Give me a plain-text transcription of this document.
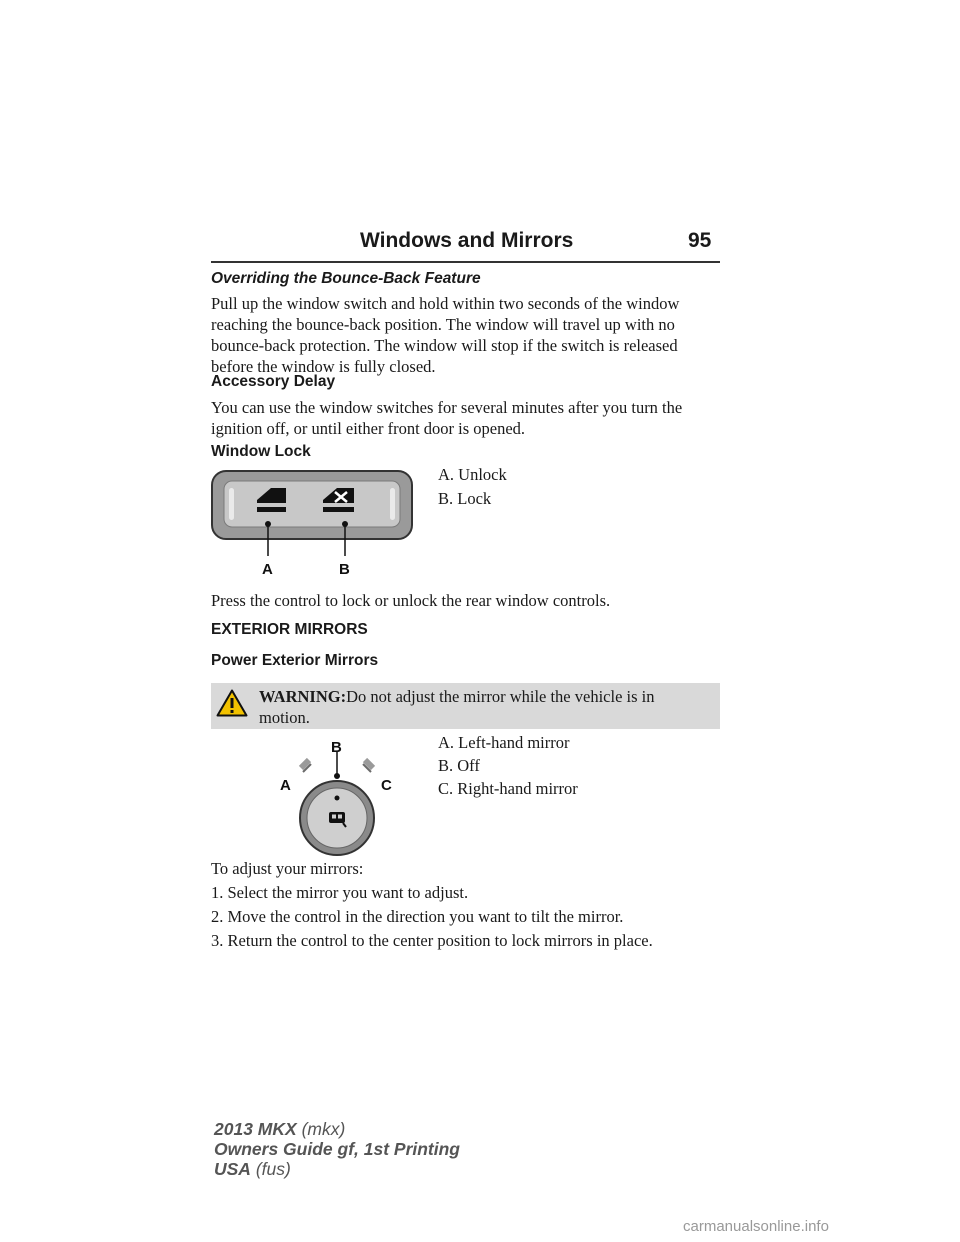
Windows and Mirrors	95
Overriding the Bounce-Back Feature
Pull up the window switch and hold within two seconds of the window
reaching the bounce-back position. The window will travel up with no
bounce-back protection. The window will stop if the switch is released
before the window is fully closed.
Accessory Delay
You can use the window switches for several minutes after you turn the
ignition off, or until either front door is opened.
Window Lock
A	B
A. Unlock
B. Lock
Press the control to lock or unlock the rear window controls.
EXTERIOR MIRRORS
Power Exterior Mirrors
WARNING:Do not adjust the mirror while the vehicle is in
motion.
B
A	C
A. Left-hand mirror
B. Off
C. Right-hand mirror
To adjust your mirrors:
1. Select the mirror you want to adjust.
2. Move the control in the direction you want to tilt the mirror.
3. Return the control to the center position to lock mirrors in place.
2013 MKX (mkx)
Owners Guide gf, 1st Printing
USA (fus)
carmanualsonline.info
